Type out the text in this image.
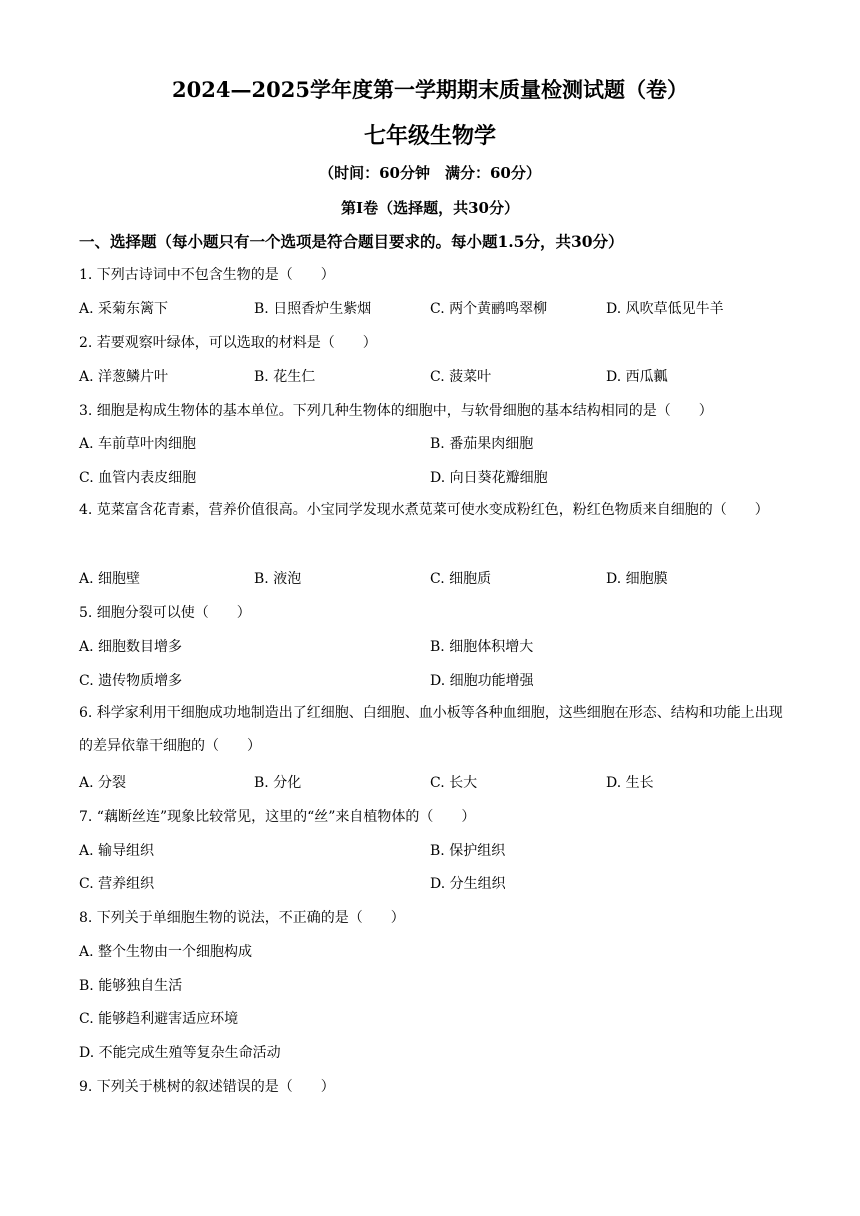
2024—2025学年度第一学期期末质量检测试题（卷）
七年级生物学
（时间：60分钟　满分：60分）
第Ⅰ卷（选择题，共30分）
一、选择题（每小题只有一个选项是符合题目要求的。每小题1.5分，共30分）
1. 下列古诗词中不包含生物的是（　　）
A. 采菊东篱下	B. 日照香炉生紫烟	C. 两个黄鹂鸣翠柳	D. 风吹草低见牛羊
2. 若要观察叶绿体，可以选取的材料是（　　）
A. 洋葱鳞片叶	B. 花生仁	C. 菠菜叶	D. 西瓜瓤
3. 细胞是构成生物体的基本单位。下列几种生物体的细胞中，与软骨细胞的基本结构相同的是（　　）
A. 车前草叶肉细胞	B. 番茄果肉细胞
C. 血管内表皮细胞	D. 向日葵花瓣细胞
4. 苋菜富含花青素，营养价值很高。小宝同学发现水煮苋菜可使水变成粉红色，粉红色物质来自细胞的（　　）
A. 细胞壁	B. 液泡	C. 细胞质	D. 细胞膜
5. 细胞分裂可以使（　　）
A. 细胞数目增多	B. 细胞体积增大
C. 遗传物质增多	D. 细胞功能增强
6. 科学家利用干细胞成功地制造出了红细胞、白细胞、血小板等各种血细胞，这些细胞在形态、结构和功能上出现的差异依靠干细胞的（　　）
A. 分裂	B. 分化	C. 长大	D. 生长
7. “藕断丝连”现象比较常见，这里的“丝”来自植物体的（　　）
A. 输导组织	B. 保护组织
C. 营养组织	D. 分生组织
8. 下列关于单细胞生物的说法，不正确的是（　　）
A. 整个生物由一个细胞构成
B. 能够独自生活
C. 能够趋利避害适应环境
D. 不能完成生殖等复杂生命活动
9. 下列关于桃树的叙述错误的是（　　）
